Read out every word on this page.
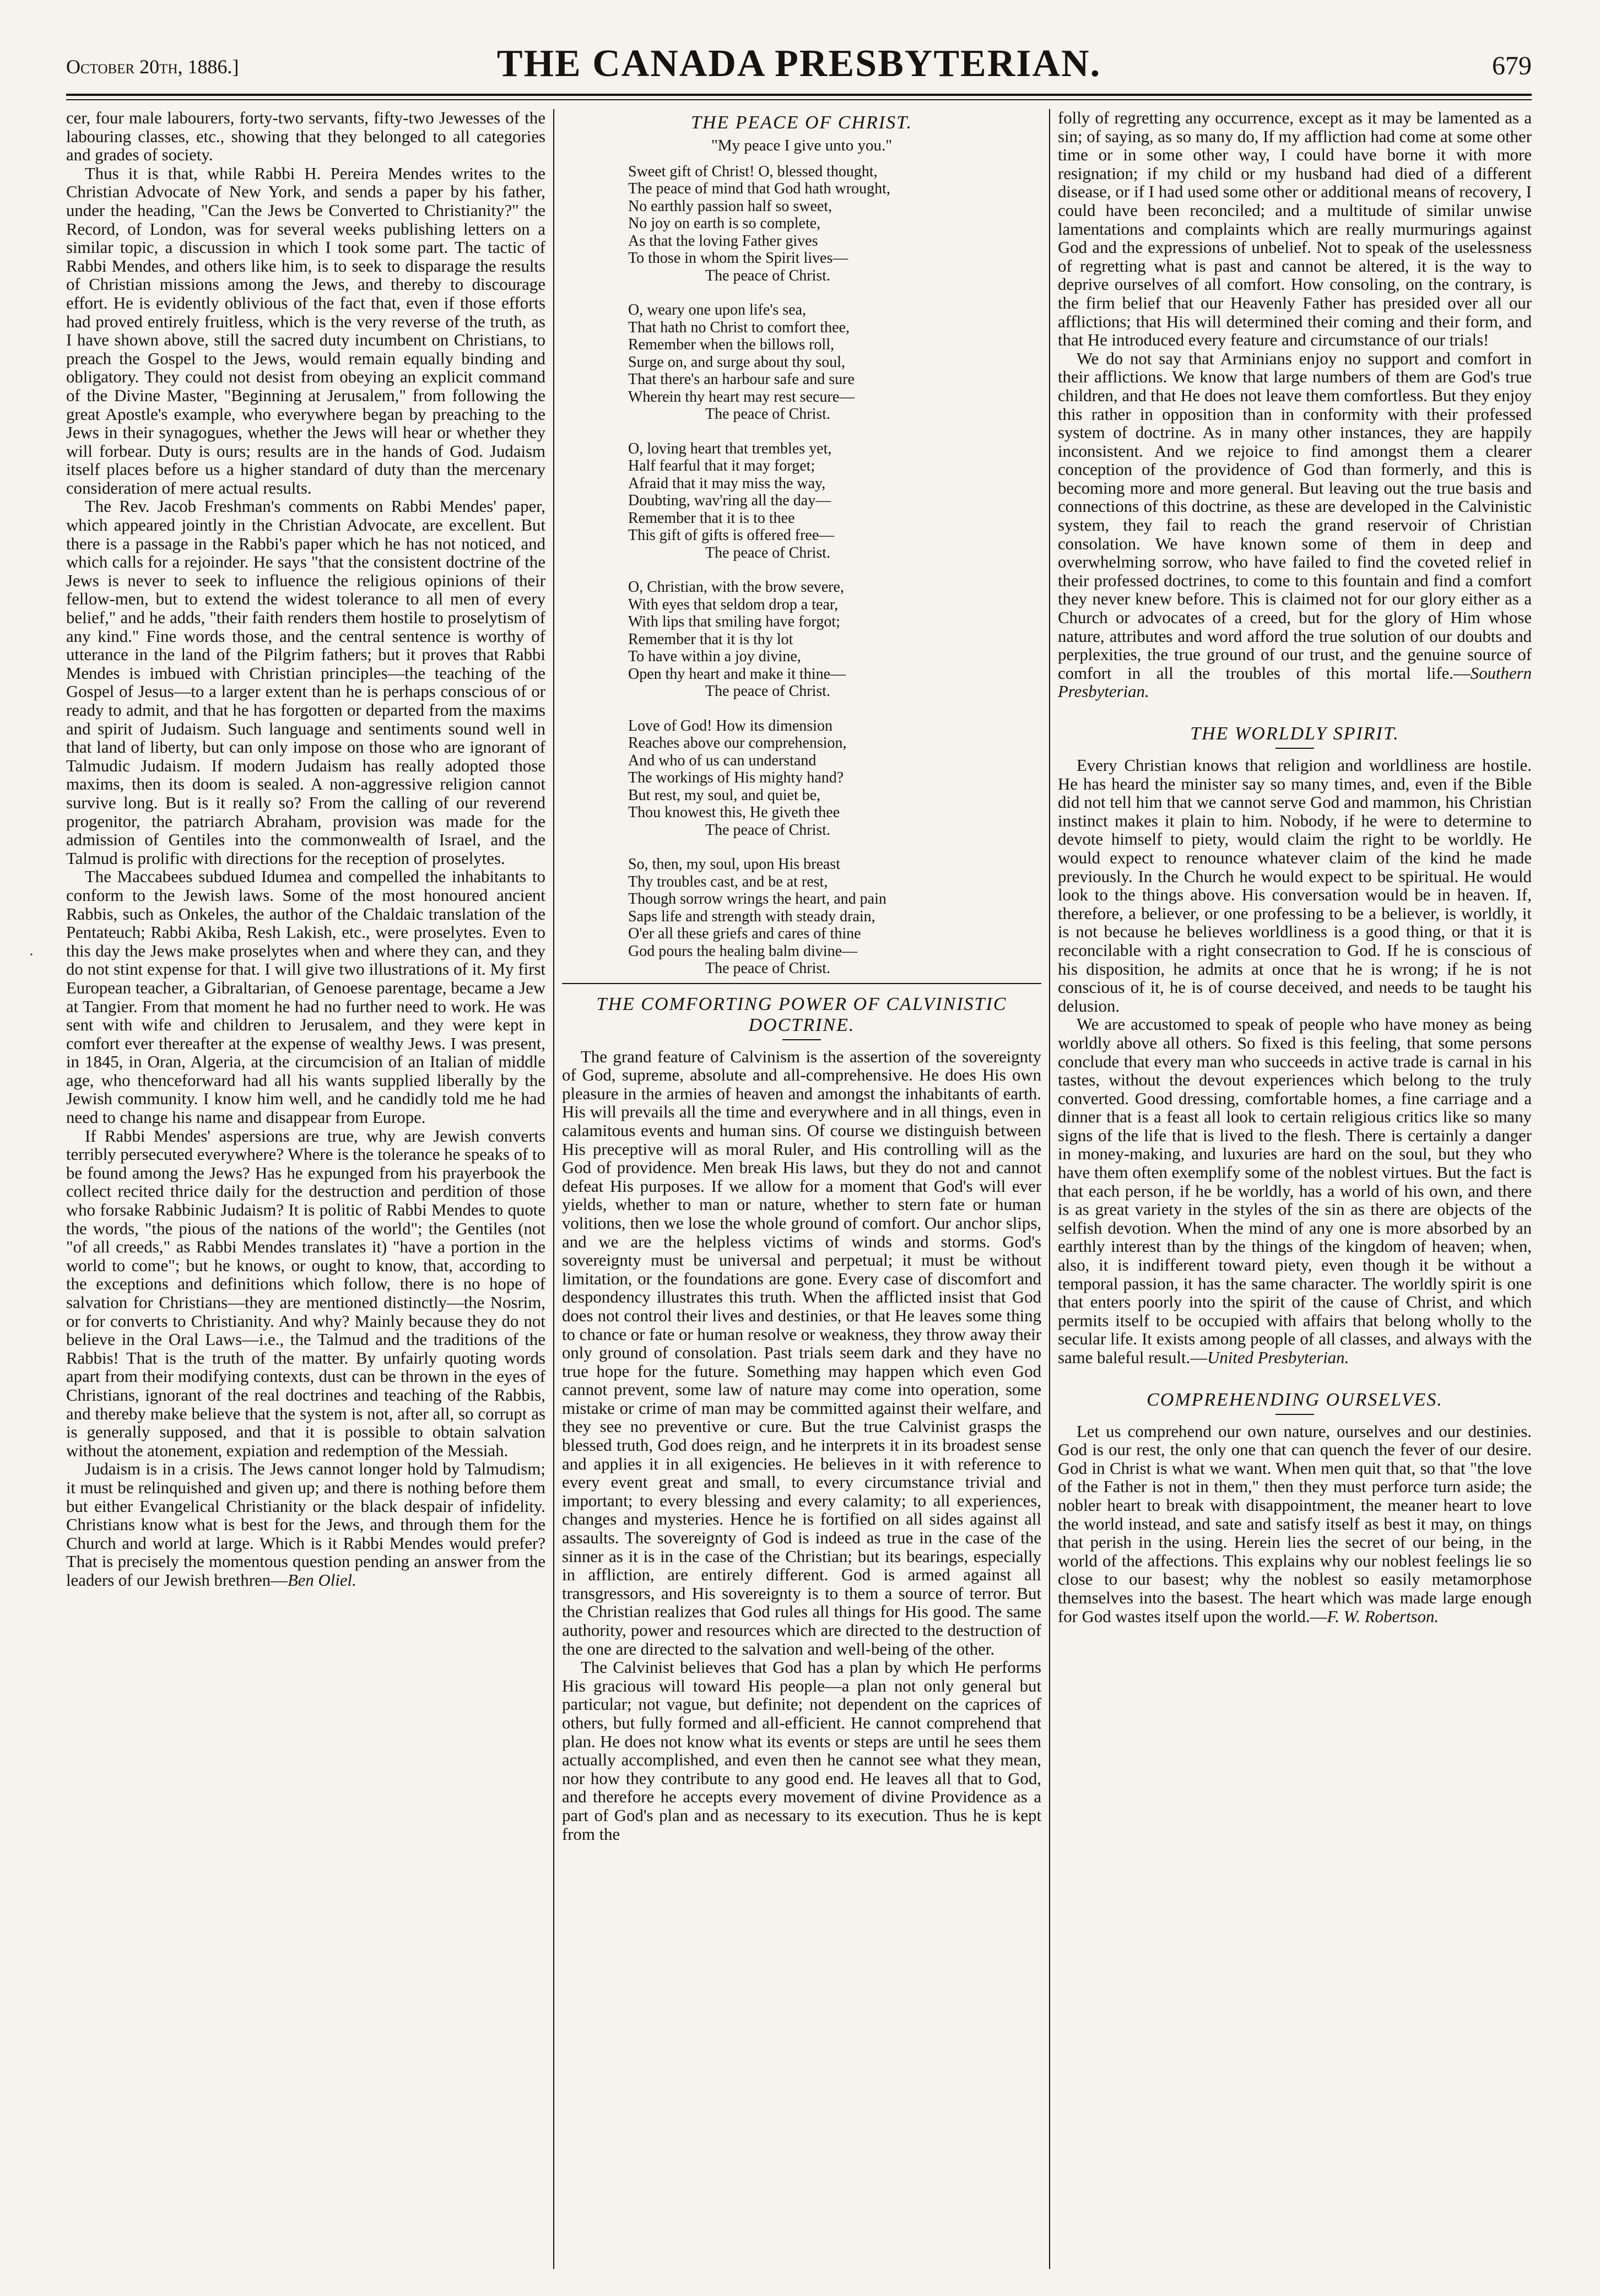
October 20th, 1886.]	THE CANADA PRESBYTERIAN.	679
·

cer, four male labourers, forty-two servants, fifty-two Jewesses of the labouring classes, etc., showing that they belonged to all categories and grades of society.

Thus it is that, while Rabbi H. Pereira Mendes writes to the Christian Advocate of New York, and sends a paper by his father, under the heading, "Can the Jews be Converted to Christianity?" the Record, of London, was for several weeks publishing letters on a similar topic, a discussion in which I took some part. The tactic of Rabbi Mendes, and others like him, is to seek to disparage the results of Christian missions among the Jews, and thereby to discourage effort. He is evidently oblivious of the fact that, even if those efforts had proved entirely fruitless, which is the very reverse of the truth, as I have shown above, still the sacred duty incumbent on Christians, to preach the Gospel to the Jews, would remain equally binding and obligatory. They could not desist from obeying an explicit command of the Divine Master, "Beginning at Jerusalem," from following the great Apostle's example, who everywhere began by preaching to the Jews in their synagogues, whether the Jews will hear or whether they will forbear. Duty is ours; results are in the hands of God. Judaism itself places before us a higher standard of duty than the mercenary consideration of mere actual results.

The Rev. Jacob Freshman's comments on Rabbi Mendes' paper, which appeared jointly in the Christian Advocate, are excellent. But there is a passage in the Rabbi's paper which he has not noticed, and which calls for a rejoinder. He says "that the consistent doctrine of the Jews is never to seek to influence the religious opinions of their fellow-men, but to extend the widest tolerance to all men of every belief," and he adds, "their faith renders them hostile to proselytism of any kind." Fine words those, and the central sentence is worthy of utterance in the land of the Pilgrim fathers; but it proves that Rabbi Mendes is imbued with Christian principles—the teaching of the Gospel of Jesus—to a larger extent than he is perhaps conscious of or ready to admit, and that he has forgotten or departed from the maxims and spirit of Judaism. Such language and sentiments sound well in that land of liberty, but can only impose on those who are ignorant of Talmudic Judaism. If modern Judaism has really adopted those maxims, then its doom is sealed. A non-aggressive religion cannot survive long. But is it really so? From the calling of our reverend progenitor, the patriarch Abraham, provision was made for the admission of Gentiles into the commonwealth of Israel, and the Talmud is prolific with directions for the reception of proselytes.

The Maccabees subdued Idumea and compelled the inhabitants to conform to the Jewish laws. Some of the most honoured ancient Rabbis, such as Onkeles, the author of the Chaldaic translation of the Pentateuch; Rabbi Akiba, Resh Lakish, etc., were proselytes. Even to this day the Jews make proselytes when and where they can, and they do not stint expense for that. I will give two illustrations of it. My first European teacher, a Gibraltarian, of Genoese parentage, became a Jew at Tangier. From that moment he had no further need to work. He was sent with wife and children to Jerusalem, and they were kept in comfort ever thereafter at the expense of wealthy Jews. I was present, in 1845, in Oran, Algeria, at the circumcision of an Italian of middle age, who thenceforward had all his wants supplied liberally by the Jewish community. I know him well, and he candidly told me he had need to change his name and disappear from Europe.

If Rabbi Mendes' aspersions are true, why are Jewish converts terribly persecuted everywhere? Where is the tolerance he speaks of to be found among the Jews? Has he expunged from his prayerbook the collect recited thrice daily for the destruction and perdition of those who forsake Rabbinic Judaism? It is politic of Rabbi Mendes to quote the words, "the pious of the nations of the world"; the Gentiles (not "of all creeds," as Rabbi Mendes translates it) "have a portion in the world to come"; but he knows, or ought to know, that, according to the exceptions and definitions which follow, there is no hope of salvation for Christians—they are mentioned distinctly—the Nosrim, or for converts to Christianity. And why? Mainly because they do not believe in the Oral Laws—i.e., the Talmud and the traditions of the Rabbis! That is the truth of the matter. By unfairly quoting words apart from their modifying contexts, dust can be thrown in the eyes of Christians, ignorant of the real doctrines and teaching of the Rabbis, and thereby make believe that the system is not, after all, so corrupt as is generally supposed, and that it is possible to obtain salvation without the atonement, expiation and redemption of the Messiah.

Judaism is in a crisis. The Jews cannot longer hold by Talmudism; it must be relinquished and given up; and there is nothing before them but either Evangelical Christianity or the black despair of infidelity. Christians know what is best for the Jews, and through them for the Church and world at large. Which is it Rabbi Mendes would prefer? That is precisely the momentous question pending an answer from the leaders of our Jewish brethren—Ben Oliel.

THE PEACE OF CHRIST.
"My peace I give unto you."
Sweet gift of Christ! O, blessed thought,
The peace of mind that God hath wrought,
No earthly passion half so sweet,
No joy on earth is so complete,
As that the loving Father gives
To those in whom the Spirit lives—
The peace of Christ.
O, weary one upon life's sea,
That hath no Christ to comfort thee,
Remember when the billows roll,
Surge on, and surge about thy soul,
That there's an harbour safe and sure
Wherein thy heart may rest secure—
The peace of Christ.
O, loving heart that trembles yet,
Half fearful that it may forget;
Afraid that it may miss the way,
Doubting, wav'ring all the day—
Remember that it is to thee
This gift of gifts is offered free—
The peace of Christ.
O, Christian, with the brow severe,
With eyes that seldom drop a tear,
With lips that smiling have forgot;
Remember that it is thy lot
To have within a joy divine,
Open thy heart and make it thine—
The peace of Christ.
Love of God! How its dimension
Reaches above our comprehension,
And who of us can understand
The workings of His mighty hand?
But rest, my soul, and quiet be,
Thou knowest this, He giveth thee
The peace of Christ.
So, then, my soul, upon His breast
Thy troubles cast, and be at rest,
Though sorrow wrings the heart, and pain
Saps life and strength with steady drain,
O'er all these griefs and cares of thine
God pours the healing balm divine—
The peace of Christ.
THE COMFORTING POWER OF CALVINISTIC DOCTRINE.

The grand feature of Calvinism is the assertion of the sovereignty of God, supreme, absolute and all-comprehensive. He does His own pleasure in the armies of heaven and amongst the inhabitants of earth. His will prevails all the time and everywhere and in all things, even in calamitous events and human sins. Of course we distinguish between His preceptive will as moral Ruler, and His controlling will as the God of providence. Men break His laws, but they do not and cannot defeat His purposes. If we allow for a moment that God's will ever yields, whether to man or nature, whether to stern fate or human volitions, then we lose the whole ground of comfort. Our anchor slips, and we are the helpless victims of winds and storms. God's sovereignty must be universal and perpetual; it must be without limitation, or the foundations are gone. Every case of discomfort and despondency illustrates this truth. When the afflicted insist that God does not control their lives and destinies, or that He leaves some thing to chance or fate or human resolve or weakness, they throw away their only ground of consolation. Past trials seem dark and they have no true hope for the future. Something may happen which even God cannot prevent, some law of nature may come into operation, some mistake or crime of man may be committed against their welfare, and they see no preventive or cure. But the true Calvinist grasps the blessed truth, God does reign, and he interprets it in its broadest sense and applies it in all exigencies. He believes in it with reference to every event great and small, to every circumstance trivial and important; to every blessing and every calamity; to all experiences, changes and mysteries. Hence he is fortified on all sides against all assaults. The sovereignty of God is indeed as true in the case of the sinner as it is in the case of the Christian; but its bearings, especially in affliction, are entirely different. God is armed against all transgressors, and His sovereignty is to them a source of terror. But the Christian realizes that God rules all things for His good. The same authority, power and resources which are directed to the destruction of the one are directed to the salvation and well-being of the other.

The Calvinist believes that God has a plan by which He performs His gracious will toward His people—a plan not only general but particular; not vague, but definite; not dependent on the caprices of others, but fully formed and all-efficient. He cannot comprehend that plan. He does not know what its events or steps are until he sees them actually accomplished, and even then he cannot see what they mean, nor how they contribute to any good end. He leaves all that to God, and therefore he accepts every movement of divine Providence as a part of God's plan and as necessary to its execution. Thus he is kept from the

folly of regretting any occurrence, except as it may be lamented as a sin; of saying, as so many do, If my affliction had come at some other time or in some other way, I could have borne it with more resignation; if my child or my husband had died of a different disease, or if I had used some other or additional means of recovery, I could have been reconciled; and a multitude of similar unwise lamentations and complaints which are really murmurings against God and the expressions of unbelief. Not to speak of the uselessness of regretting what is past and cannot be altered, it is the way to deprive ourselves of all comfort. How consoling, on the contrary, is the firm belief that our Heavenly Father has presided over all our afflictions; that His will determined their coming and their form, and that He introduced every feature and circumstance of our trials!

We do not say that Arminians enjoy no support and comfort in their afflictions. We know that large numbers of them are God's true children, and that He does not leave them comfortless. But they enjoy this rather in opposition than in conformity with their professed system of doctrine. As in many other instances, they are happily inconsistent. And we rejoice to find amongst them a clearer conception of the providence of God than formerly, and this is becoming more and more general. But leaving out the true basis and connections of this doctrine, as these are developed in the Calvinistic system, they fail to reach the grand reservoir of Christian consolation. We have known some of them in deep and overwhelming sorrow, who have failed to find the coveted relief in their professed doctrines, to come to this fountain and find a comfort they never knew before. This is claimed not for our glory either as a Church or advocates of a creed, but for the glory of Him whose nature, attributes and word afford the true solution of our doubts and perplexities, the true ground of our trust, and the genuine source of comfort in all the troubles of this mortal life.—Southern Presbyterian.

THE WORLDLY SPIRIT.

Every Christian knows that religion and worldliness are hostile. He has heard the minister say so many times, and, even if the Bible did not tell him that we cannot serve God and mammon, his Christian instinct makes it plain to him. Nobody, if he were to determine to devote himself to piety, would claim the right to be worldly. He would expect to renounce whatever claim of the kind he made previously. In the Church he would expect to be spiritual. He would look to the things above. His conversation would be in heaven. If, therefore, a believer, or one professing to be a believer, is worldly, it is not because he believes worldliness is a good thing, or that it is reconcilable with a right consecration to God. If he is conscious of his disposition, he admits at once that he is wrong; if he is not conscious of it, he is of course deceived, and needs to be taught his delusion.

We are accustomed to speak of people who have money as being worldly above all others. So fixed is this feeling, that some persons conclude that every man who succeeds in active trade is carnal in his tastes, without the devout experiences which belong to the truly converted. Good dressing, comfortable homes, a fine carriage and a dinner that is a feast all look to certain religious critics like so many signs of the life that is lived to the flesh. There is certainly a danger in money-making, and luxuries are hard on the soul, but they who have them often exemplify some of the noblest virtues. But the fact is that each person, if he be worldly, has a world of his own, and there is as great variety in the styles of the sin as there are objects of the selfish devotion. When the mind of any one is more absorbed by an earthly interest than by the things of the kingdom of heaven; when, also, it is indifferent toward piety, even though it be without a temporal passion, it has the same character. The worldly spirit is one that enters poorly into the spirit of the cause of Christ, and which permits itself to be occupied with affairs that belong wholly to the secular life. It exists among people of all classes, and always with the same baleful result.—United Presbyterian.

COMPREHENDING OURSELVES.

Let us comprehend our own nature, ourselves and our destinies. God is our rest, the only one that can quench the fever of our desire. God in Christ is what we want. When men quit that, so that "the love of the Father is not in them," then they must perforce turn aside; the nobler heart to break with disappointment, the meaner heart to love the world instead, and sate and satisfy itself as best it may, on things that perish in the using. Herein lies the secret of our being, in the world of the affections. This explains why our noblest feelings lie so close to our basest; why the noblest so easily metamorphose themselves into the basest. The heart which was made large enough for God wastes itself upon the world.—F. W. Robertson.
